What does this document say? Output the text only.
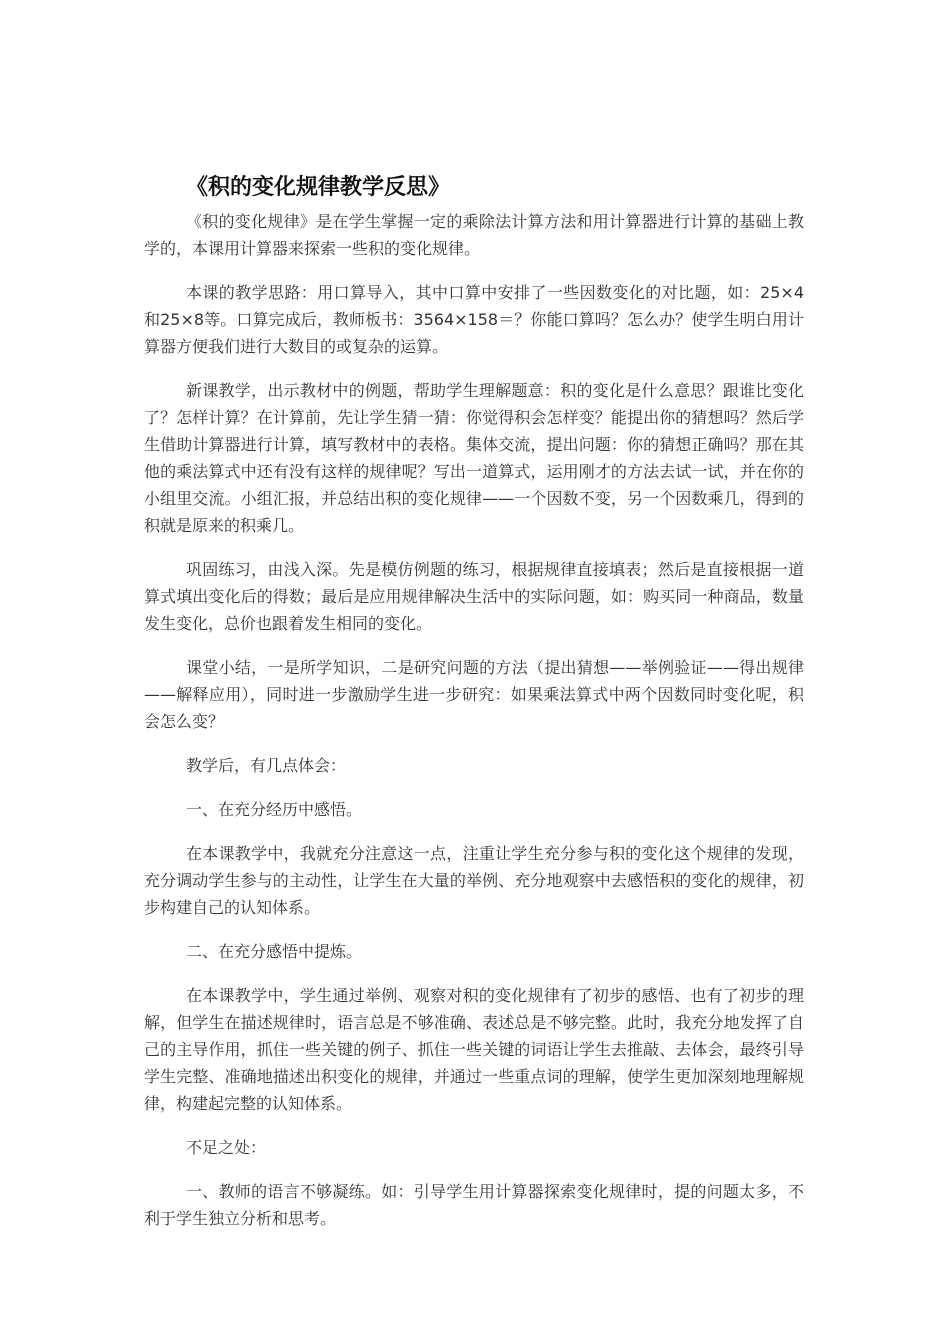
《积的变化规律教学反思》

《积的变化规律》是在学生掌握一定的乘除法计算方法和用计算器进行计算的基础上教学的，本课用计算器来探索一些积的变化规律。

本课的教学思路：用口算导入，其中口算中安排了一些因数变化的对比题，如：25×4和25×8等。口算完成后，教师板书：3564×158＝？你能口算吗？怎么办？使学生明白用计算器方便我们进行大数目的或复杂的运算。

新课教学，出示教材中的例题，帮助学生理解题意：积的变化是什么意思？跟谁比变化了？怎样计算？在计算前，先让学生猜一猜：你觉得积会怎样变？能提出你的猜想吗？然后学生借助计算器进行计算，填写教材中的表格。集体交流，提出问题：你的猜想正确吗？那在其他的乘法算式中还有没有这样的规律呢？写出一道算式，运用刚才的方法去试一试，并在你的小组里交流。小组汇报，并总结出积的变化规律——一个因数不变，另一个因数乘几，得到的积就是原来的积乘几。

巩固练习，由浅入深。先是模仿例题的练习，根据规律直接填表；然后是直接根据一道算式填出变化后的得数；最后是应用规律解决生活中的实际问题，如：购买同一种商品，数量发生变化，总价也跟着发生相同的变化。

课堂小结，一是所学知识，二是研究问题的方法（提出猜想——举例验证——得出规律——解释应用），同时进一步激励学生进一步研究：如果乘法算式中两个因数同时变化呢，积会怎么变？

教学后，有几点体会：

一、在充分经历中感悟。

在本课教学中，我就充分注意这一点，注重让学生充分参与积的变化这个规律的发现，充分调动学生参与的主动性，让学生在大量的举例、充分地观察中去感悟积的变化的规律，初步构建自己的认知体系。

二、在充分感悟中提炼。

在本课教学中，学生通过举例、观察对积的变化规律有了初步的感悟、也有了初步的理解，但学生在描述规律时，语言总是不够准确、表述总是不够完整。此时，我充分地发挥了自己的主导作用，抓住一些关键的例子、抓住一些关键的词语让学生去推敲、去体会，最终引导学生完整、准确地描述出积变化的规律，并通过一些重点词的理解，使学生更加深刻地理解规律，构建起完整的认知体系。

不足之处：

一、教师的语言不够凝练。如：引导学生用计算器探索变化规律时，提的问题太多，不利于学生独立分析和思考。
